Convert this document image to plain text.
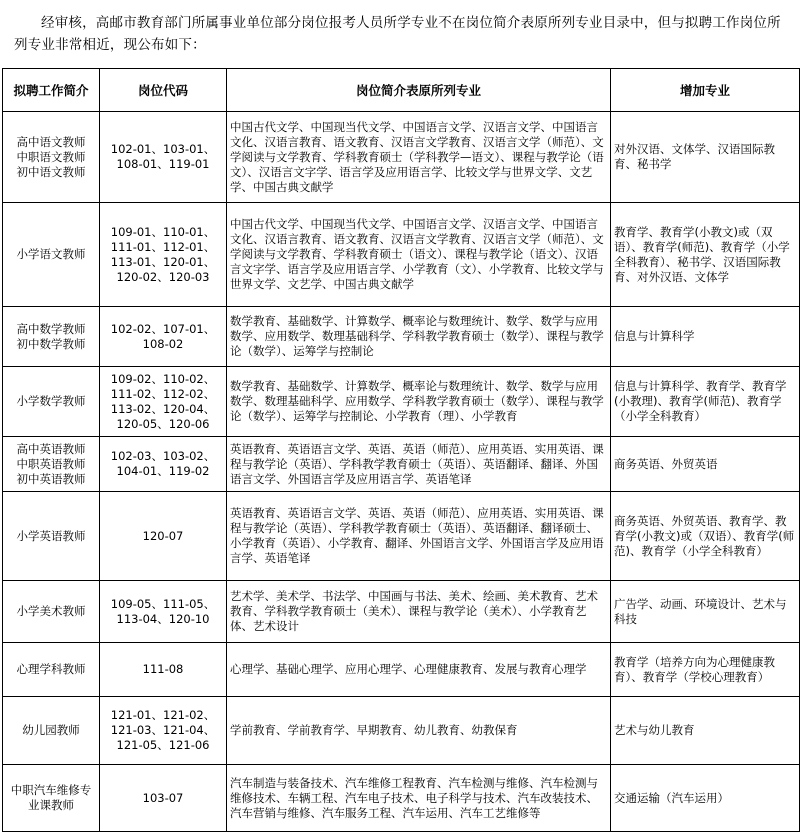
经审核，高邮市教育部门所属事业单位部分岗位报考人员所学专业不在岗位简介表原所列专业目录中，但与拟聘工作岗位所列专业非常相近，现公布如下：
拟聘工作简介	岗位代码	岗位简介表原所列专业	增加专业

高中语文教师
中职语文教师
初中语文教师	102-01、103-01、
108-01、119-01	中国古代文学、中国现当代文学、中国语言文学、汉语言文学、中国语言文化、汉语言教育、语文教育、汉语言文学教育、汉语言文学（师范）、文学阅读与文学教育、学科教育硕士（学科教学—语文）、课程与教学论（语文）、汉语言文字学、语言学及应用语言学、比较文学与世界文学、文艺学、中国古典文献学	对外汉语、文体学、汉语国际教育、秘书学

小学语文教师	109-01、110-01、
111-01、112-01、
113-01、120-01、
120-02、120-03	中国古代文学、中国现当代文学、中国语言文学、汉语言文学、中国语言文化、汉语言教育、语文教育、汉语言文学教育、汉语言文学（师范）、文学阅读与文学教育、学科教育硕士（语文）、课程与教学论（语文）、汉语言文字学、语言学及应用语言学、小学教育（文）、小学教育、比较文学与世界文学、文艺学、中国古典文献学	教育学、教育学(小教文)或（双语）、教育学(师范)、教育学（小学全科教育）、秘书学、汉语国际教育、对外汉语、文体学

高中数学教师
初中数学教师	102-02、107-01、
108-02	数学教育、基础数学、计算数学、概率论与数理统计、数学、数学与应用数学、应用数学、数理基础科学、学科教学教育硕士（数学）、课程与教学论（数学）、运筹学与控制论	信息与计算科学

小学数学教师	109-02、110-02、
111-02、112-02、
113-02、120-04、
120-05、120-06	数学教育、基础数学、计算数学、概率论与数理统计、数学、数学与应用数学、数理基础科学、应用数学、学科教学教育硕士（数学）、课程与教学论（数学）、运筹学与控制论、小学教育（理）、小学教育	信息与计算科学、教育学、教育学(小教理)、教育学(师范)、教育学（小学全科教育）

高中英语教师
中职英语教师
初中英语教师	102-03、103-02、
104-01、119-02	英语教育、英语语言文学、英语、英语（师范）、应用英语、实用英语、课程与教学论（英语）、学科教学教育硕士（英语）、英语翻译、翻译、外国语言文学、外国语言学及应用语言学、英语笔译	商务英语、外贸英语

小学英语教师	120-07	英语教育、英语语言文学、英语、英语（师范）、应用英语、实用英语、课程与教学论（英语）、学科教学教育硕士（英语）、英语翻译、翻译硕士、小学教育（英语）、小学教育、翻译、外国语言文学、外国语言学及应用语言学、英语笔译	商务英语、外贸英语、教育学、教育学(小教文)或（双语）、教育学(师范)、教育学（小学全科教育）

小学美术教师	109-05、111-05、
113-04、120-10	艺术学、美术学、书法学、中国画与书法、美术、绘画、美术教育、艺术教育、学科教学教育硕士（美术）、课程与教学论（美术）、小学教育艺体、艺术设计	广告学、动画、环境设计、艺术与科技

心理学科教师	111-08	心理学、基础心理学、应用心理学、心理健康教育、发展与教育心理学	教育学（培养方向为心理健康教育）、教育学（学校心理教育）

幼儿园教师	121-01、121-02、
121-03、121-04、
121-05、121-06	学前教育、学前教育学、早期教育、幼儿教育、幼教保育	艺术与幼儿教育

中职汽车维修专
业课教师	103-07	汽车制造与装备技术、汽车维修工程教育、汽车检测与维修、汽车检测与维修技术、车辆工程、汽车电子技术、电子科学与技术、汽车改装技术、汽车营销与维修、汽车服务工程、汽车运用、汽车工艺维修等	交通运输（汽车运用）
